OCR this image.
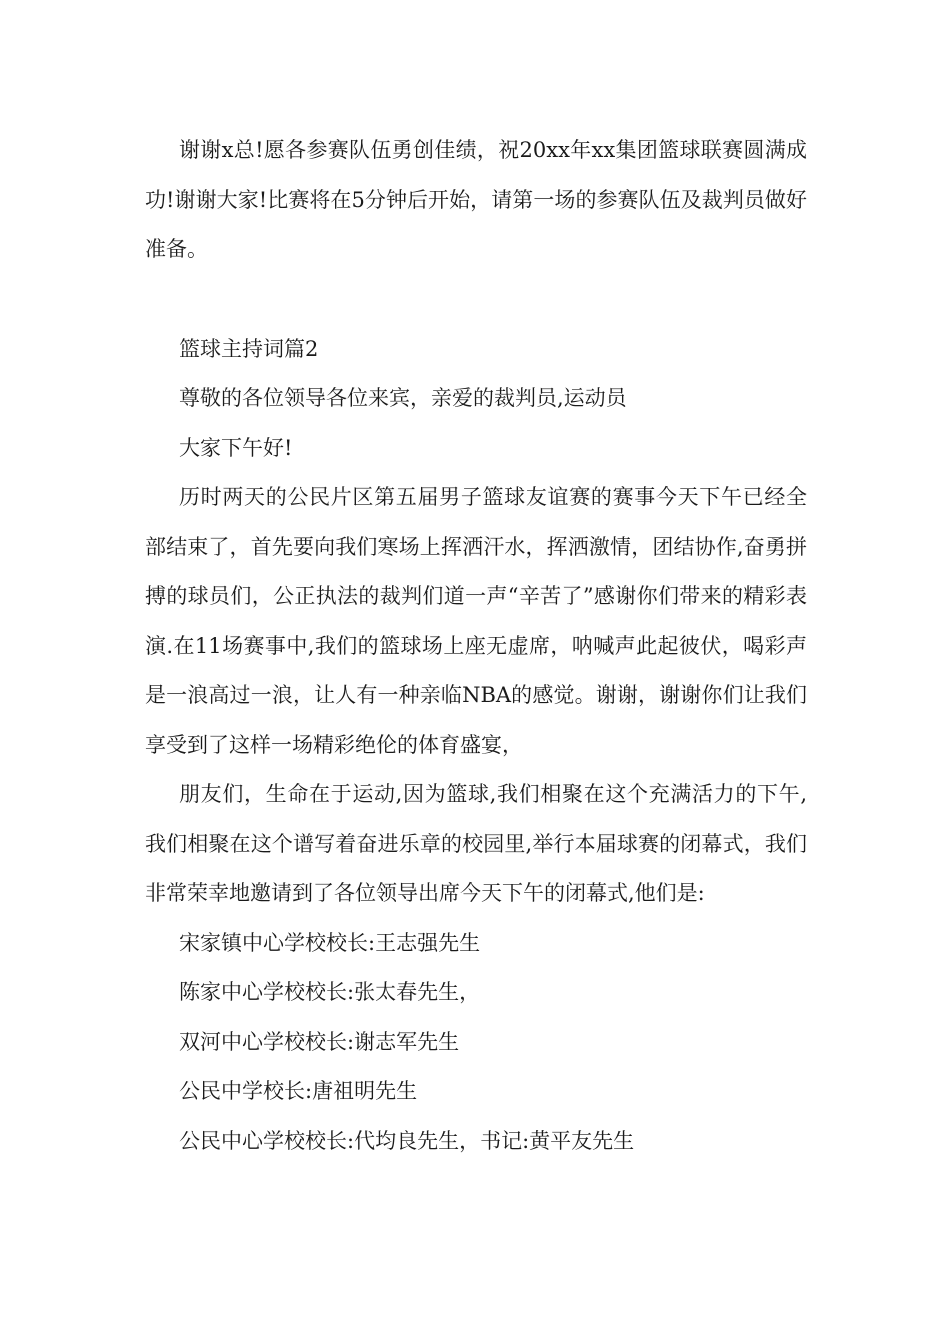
谢谢x总!愿各参赛队伍勇创佳绩，祝20xx年xx集团篮球联赛圆满成功!谢谢大家!比赛将在5分钟后开始，请第一场的参赛队伍及裁判员做好准备。

篮球主持词篇2

尊敬的各位领导各位来宾，亲爱的裁判员,运动员

大家下午好!

历时两天的公民片区第五届男子篮球友谊赛的赛事今天下午已经全部结束了，首先要向我们寒场上挥洒汗水，挥洒激情，团结协作,奋勇拼搏的球员们，公正执法的裁判们道一声“辛苦了”感谢你们带来的精彩表演.在11场赛事中,我们的篮球场上座无虚席，呐喊声此起彼伏，喝彩声是一浪高过一浪，让人有一种亲临NBA的感觉。谢谢，谢谢你们让我们享受到了这样一场精彩绝伦的体育盛宴，

朋友们，生命在于运动,因为篮球,我们相聚在这个充满活力的下午,我们相聚在这个谱写着奋进乐章的校园里,举行本届球赛的闭幕式，我们非常荣幸地邀请到了各位领导出席今天下午的闭幕式,他们是:

宋家镇中心学校校长:王志强先生

陈家中心学校校长:张太春先生，

双河中心学校校长:谢志军先生

公民中学校长:唐祖明先生

公民中心学校校长:代均良先生，书记:黄平友先生
